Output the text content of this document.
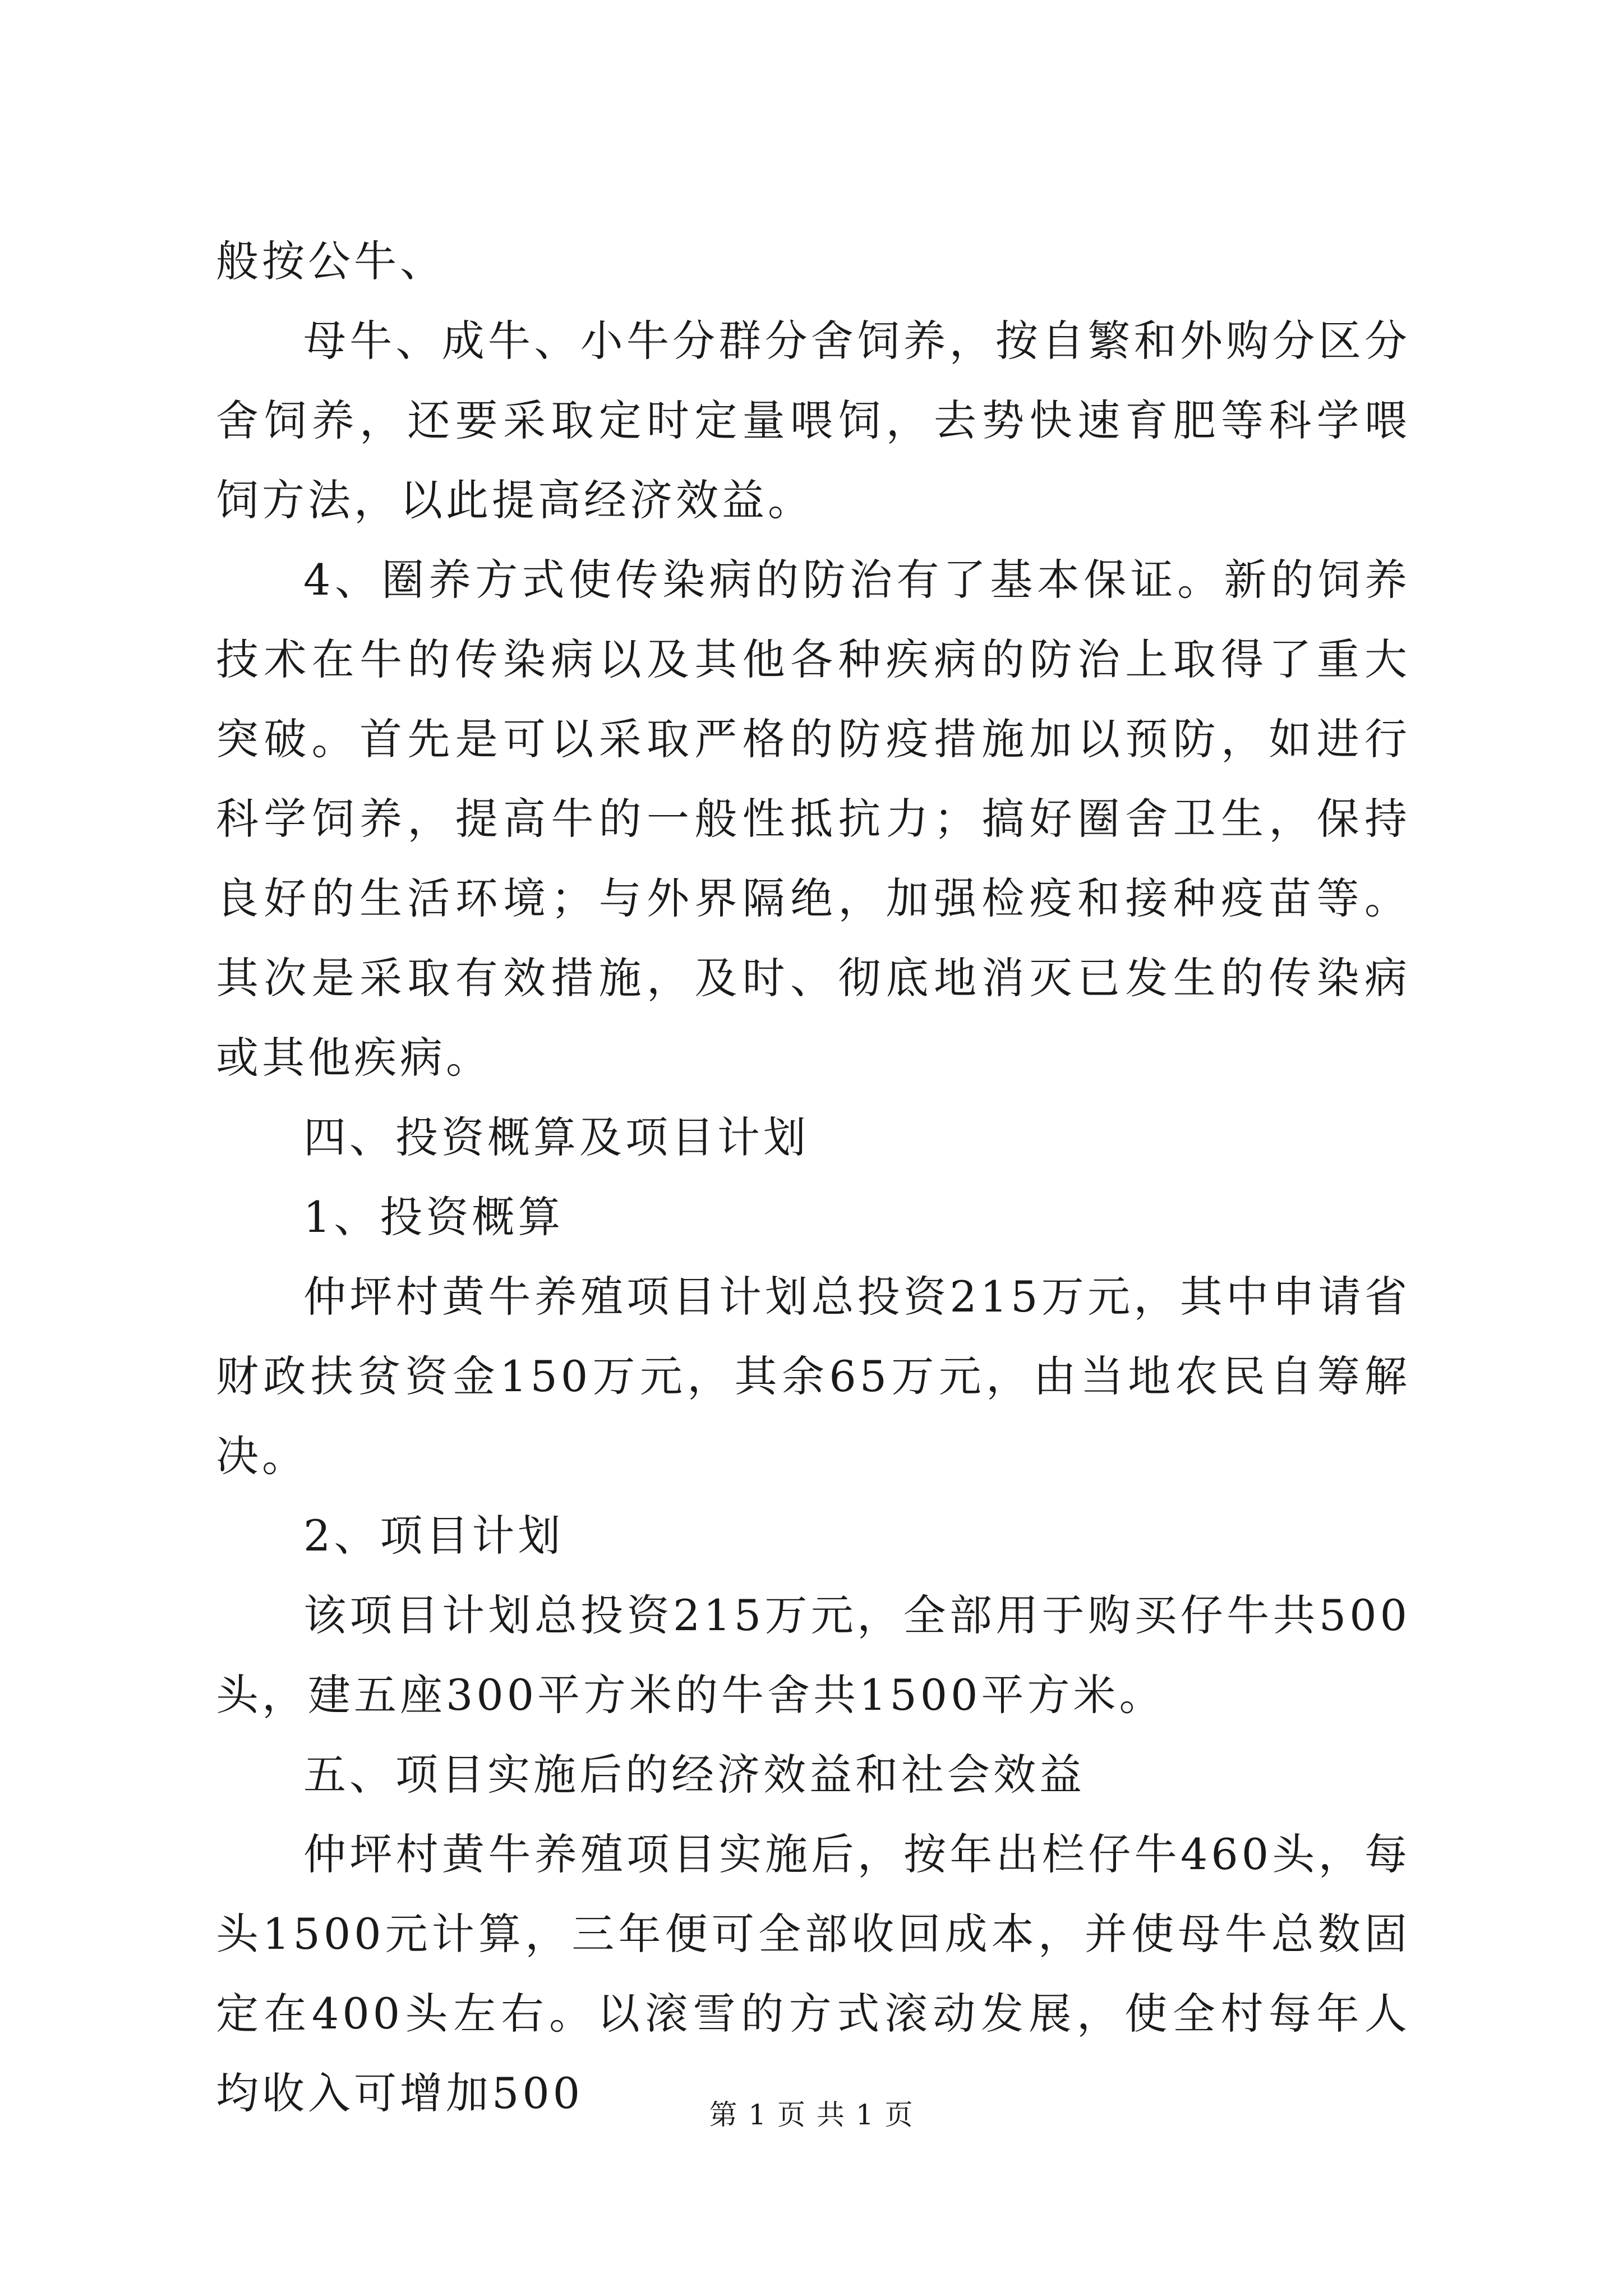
般按公牛、

母牛、成牛、小牛分群分舍饲养，按自繁和外购分区分舍饲养，还要采取定时定量喂饲，去势快速育肥等科学喂饲方法，以此提高经济效益。

4、圈养方式使传染病的防治有了基本保证。新的饲养技术在牛的传染病以及其他各种疾病的防治上取得了重大突破。首先是可以采取严格的防疫措施加以预防，如进行科学饲养，提高牛的一般性抵抗力；搞好圈舍卫生，保持良好的生活环境；与外界隔绝，加强检疫和接种疫苗等。其次是采取有效措施，及时、彻底地消灭已发生的传染病或其他疾病。

四、投资概算及项目计划

1、投资概算

仲坪村黄牛养殖项目计划总投资215万元，其中申请省财政扶贫资金150万元，其余65万元，由当地农民自筹解决。

2、项目计划

该项目计划总投资215万元，全部用于购买仔牛共500头，建五座300平方米的牛舍共1500平方米。

五、项目实施后的经济效益和社会效益

仲坪村黄牛养殖项目实施后，按年出栏仔牛460头，每头1500元计算，三年便可全部收回成本，并使母牛总数固定在400头左右。以滚雪的方式滚动发展，使全村每年人均收入可增加500	第 1 页 共 1 页
